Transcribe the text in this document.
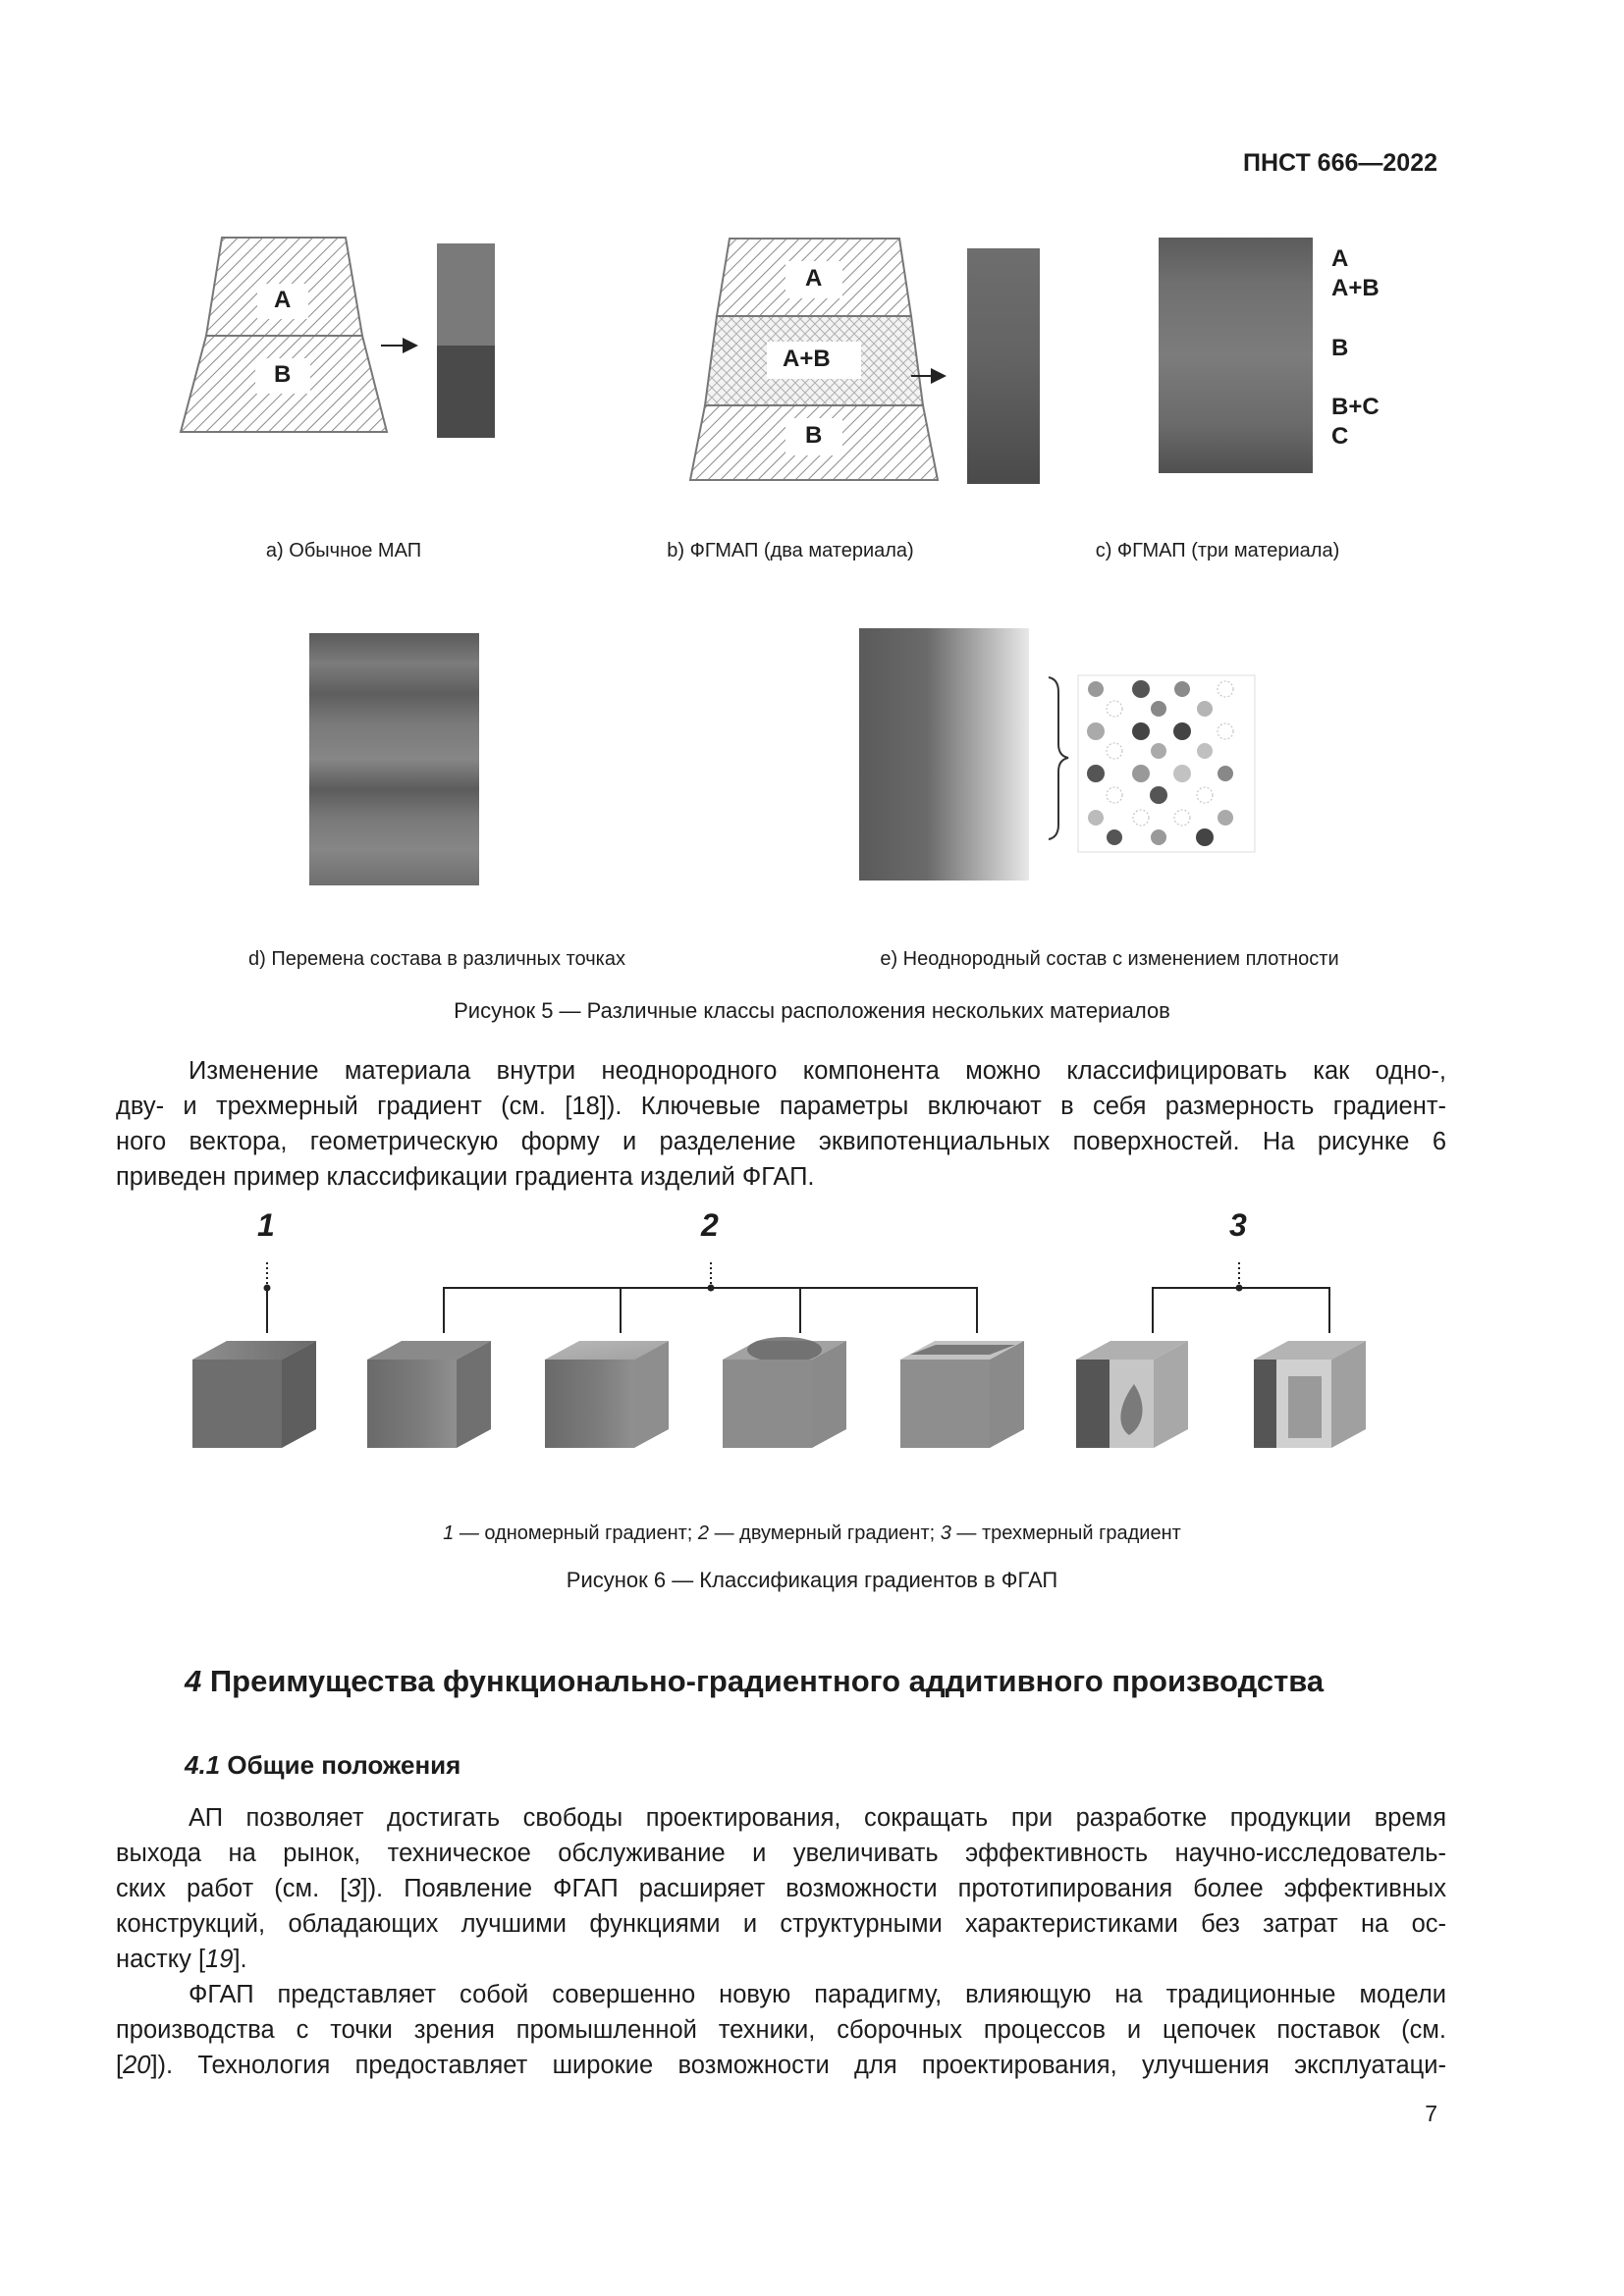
ПНСТ 666—2022
A
B
A
A+B
B
A
A+B
B
B+C
C
a) Обычное МАП	b) ФГМАП (два материала)	c) ФГМАП (три материала)
d) Перемена состава в различных точках	e) Неоднородный состав с изменением плотности
Рисунок 5 — Различные классы расположения нескольких материалов
Изменение материала внутри неоднородного компонента можно классифицировать как одно-,
дву- и трехмерный градиент (см. [18]). Ключевые параметры включают в себя размерность градиент-
ного вектора, геометрическую форму и разделение эквипотенциальных поверхностей. На рисунке 6
приведен пример классификации градиента изделий ФГАП.
1	2	3
1 — одномерный градиент; 2 — двумерный градиент; 3 — трехмерный градиент
Рисунок 6 — Классификация градиентов в ФГАП
4 Преимущества функционально-градиентного аддитивного производства
4.1 Общие положения
АП позволяет достигать свободы проектирования, сокращать при разработке продукции время
выхода на рынок, техническое обслуживание и увеличивать эффективность научно-исследователь-
ских работ (см. [3]). Появление ФГАП расширяет возможности прототипирования более эффективных
конструкций, обладающих лучшими функциями и структурными характеристиками без затрат на ос-
настку [19].
ФГАП представляет собой совершенно новую парадигму, влияющую на традиционные модели
производства с точки зрения промышленной техники, сборочных процессов и цепочек поставок (см.
[20]). Технология предоставляет широкие возможности для проектирования, улучшения эксплуатаци-
7
